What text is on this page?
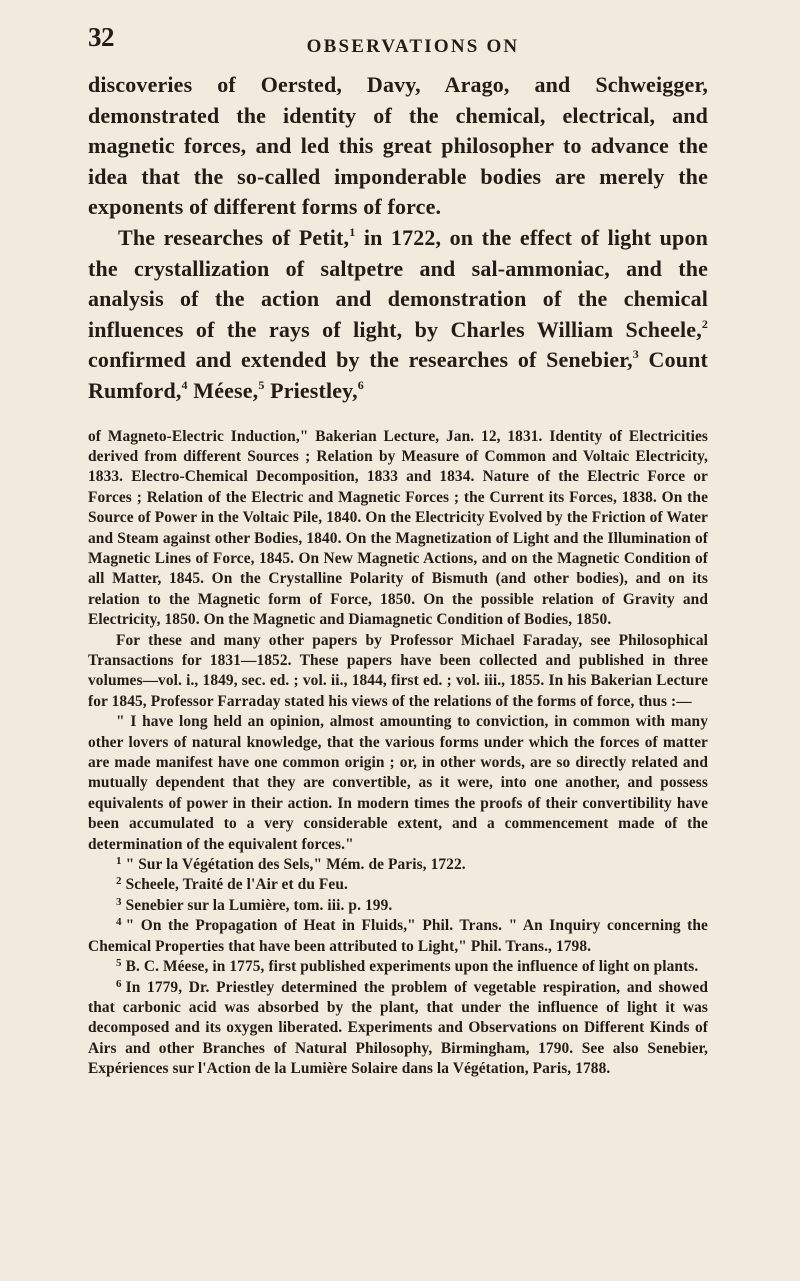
32	OBSERVATIONS ON

discoveries of Oersted, Davy, Arago, and Schweigger, demonstrated the identity of the chemical, electrical, and magnetic forces, and led this great philosopher to advance the idea that the so-called imponderable bodies are merely the exponents of different forms of force.

The researches of Petit,$^1$ in 1722, on the effect of light upon the crystallization of saltpetre and sal-ammoniac, and the analysis of the action and demonstration of the chemical influences of the rays of light, by Charles William Scheele,$^2$ confirmed and extended by the researches of Senebier,$^3$ Count Rumford,$^4$ Méese,$^5$ Priestley,$^6$

of Magneto-Electric Induction," Bakerian Lecture, Jan. 12, 1831. Identity of Electricities derived from different Sources ; Relation by Measure of Common and Voltaic Electricity, 1833. Electro-Chemical Decomposition, 1833 and 1834. Nature of the Electric Force or Forces ; Relation of the Electric and Magnetic Forces ; the Current its Forces, 1838. On the Source of Power in the Voltaic Pile, 1840. On the Electricity Evolved by the Friction of Water and Steam against other Bodies, 1840. On the Magnetization of Light and the Illumination of Magnetic Lines of Force, 1845. On New Magnetic Actions, and on the Magnetic Condition of all Matter, 1845. On the Crystalline Polarity of Bismuth (and other bodies), and on its relation to the Magnetic form of Force, 1850. On the possible relation of Gravity and Electricity, 1850. On the Magnetic and Diamagnetic Condition of Bodies, 1850.

For these and many other papers by Professor Michael Faraday, see Philosophical Transactions for 1831—1852. These papers have been collected and published in three volumes—vol. i., 1849, sec. ed. ; vol. ii., 1844, first ed. ; vol. iii., 1855. In his Bakerian Lecture for 1845, Professor Farraday stated his views of the relations of the forms of force, thus :—

" I have long held an opinion, almost amounting to conviction, in common with many other lovers of natural knowledge, that the various forms under which the forces of matter are made manifest have one common origin ; or, in other words, are so directly related and mutually dependent that they are convertible, as it were, into one another, and possess equivalents of power in their action. In modern times the proofs of their convertibility have been accumulated to a very considerable extent, and a commencement made of the determination of the equivalent forces."

$^1$ " Sur la Végétation des Sels," Mém. de Paris, 1722.

$^2$ Scheele, Traité de l'Air et du Feu.

$^3$ Senebier sur la Lumière, tom. iii. p. 199.

$^4$ " On the Propagation of Heat in Fluids," Phil. Trans. " An Inquiry concerning the Chemical Properties that have been attributed to Light," Phil. Trans., 1798.

$^5$ B. C. Méese, in 1775, first published experiments upon the influence of light on plants.

$^6$ In 1779, Dr. Priestley determined the problem of vegetable respiration, and showed that carbonic acid was absorbed by the plant, that under the influence of light it was decomposed and its oxygen liberated. Experiments and Observations on Different Kinds of Airs and other Branches of Natural Philosophy, Birmingham, 1790. See also Senebier, Expériences sur l'Action de la Lumière Solaire dans la Végétation, Paris, 1788.
